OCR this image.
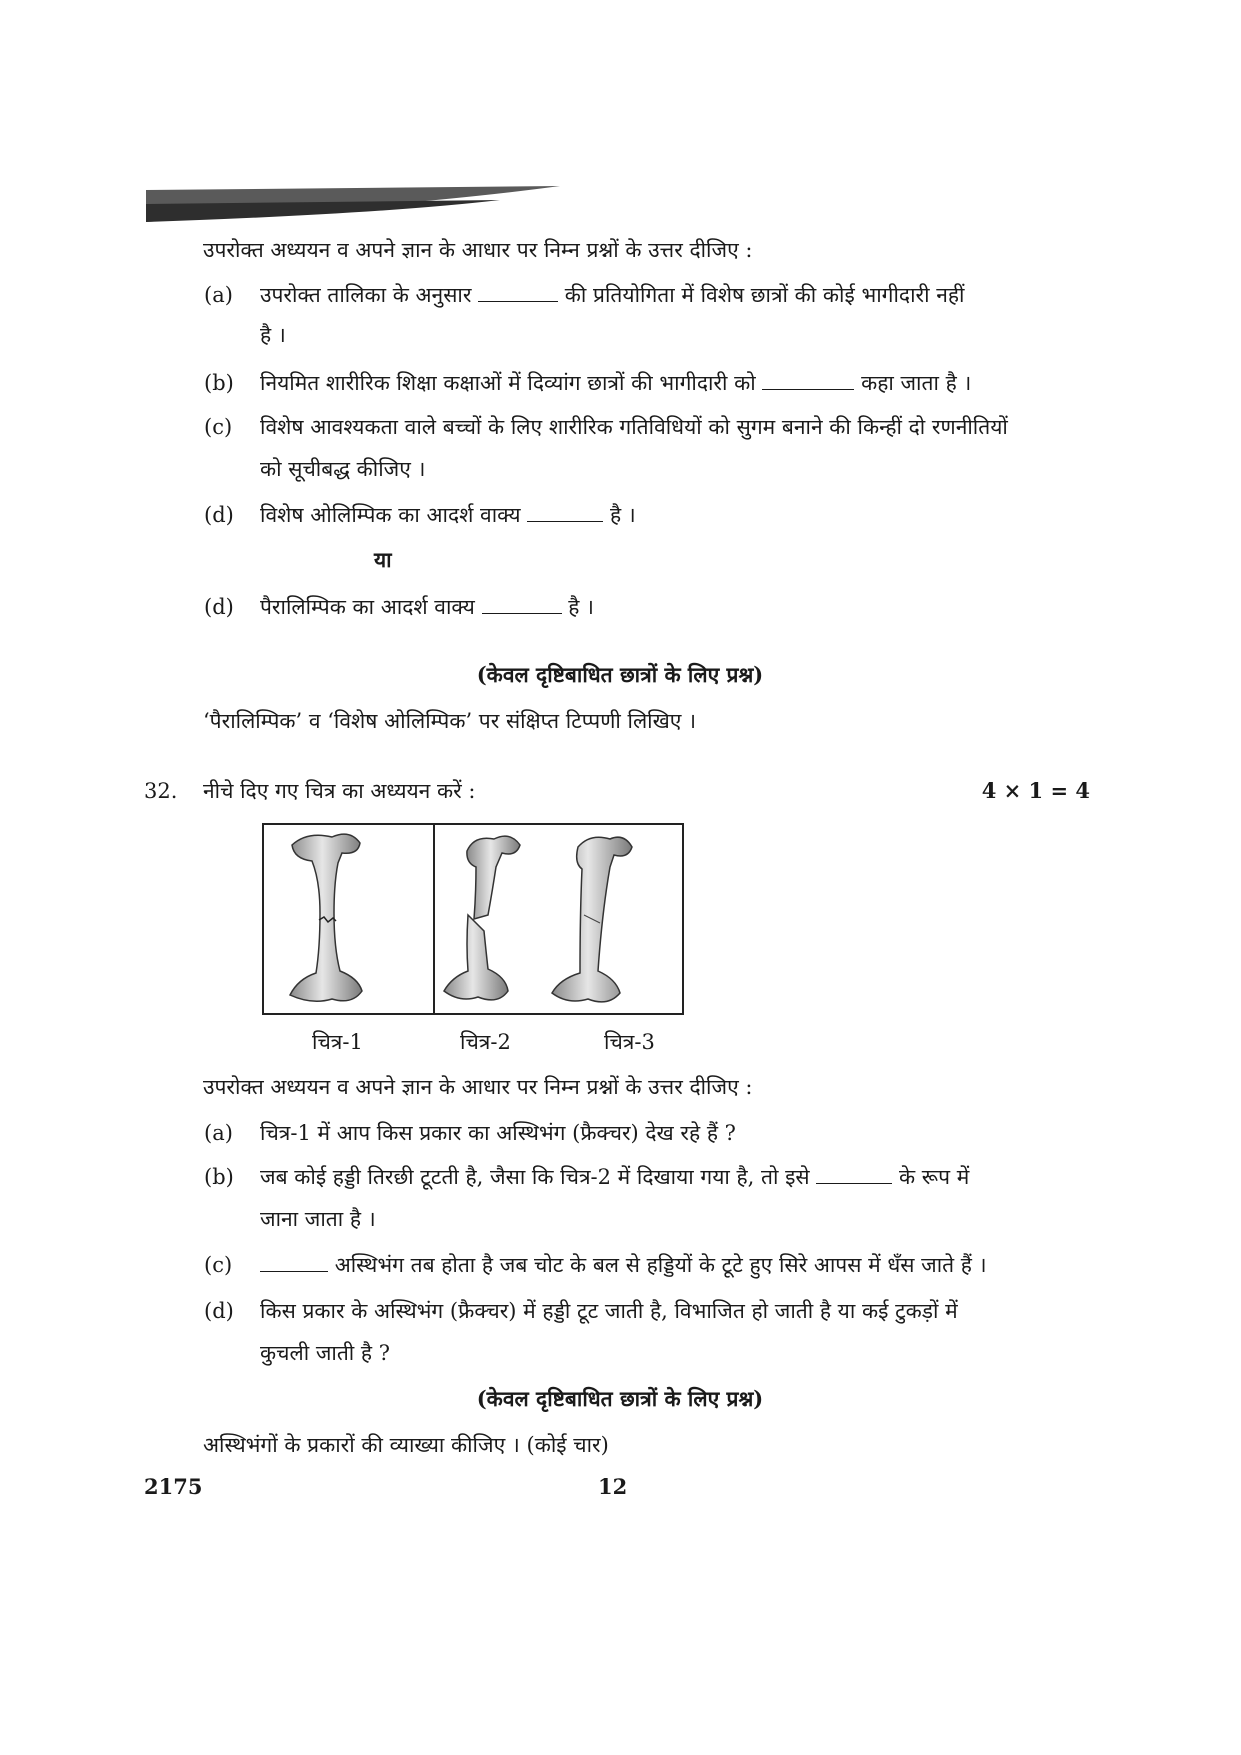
उपरोक्त अध्ययन व अपने ज्ञान के आधार पर निम्न प्रश्नों के उत्तर दीजिए :
(a)	उपरोक्त तालिका के अनुसार	की प्रतियोगिता में विशेष छात्रों की कोई भागीदारी नहीं
है ।
(b)	नियमित शारीरिक शिक्षा कक्षाओं में दिव्यांग छात्रों की भागीदारी को	कहा जाता है ।
(c)	विशेष आवश्यकता वाले बच्चों के लिए शारीरिक गतिविधियों को सुगम बनाने की किन्हीं दो रणनीतियों
को सूचीबद्ध कीजिए ।
(d)	विशेष ओलिम्पिक का आदर्श वाक्य	है ।
या
(d)	पैरालिम्पिक का आदर्श वाक्य	है ।
(केवल दृष्टिबाधित छात्रों के लिए प्रश्न)
‘पैरालिम्पिक’ व ‘विशेष ओलिम्पिक’ पर संक्षिप्त टिप्पणी लिखिए ।
32. नीचे दिए गए चित्र का अध्ययन करें :	4 × 1 = 4
चित्र-1	चित्र-2	चित्र-3
उपरोक्त अध्ययन व अपने ज्ञान के आधार पर निम्न प्रश्नों के उत्तर दीजिए :
(a)	चित्र-1 में आप किस प्रकार का अस्थिभंग (फ्रैक्चर) देख रहे हैं ?
(b)	जब कोई हड्डी तिरछी टूटती है, जैसा कि चित्र-2 में दिखाया गया है, तो इसे	के रूप में
जाना जाता है ।
(c)	अस्थिभंग तब होता है जब चोट के बल से हड्डियों के टूटे हुए सिरे आपस में धँस जाते हैं ।
(d)	किस प्रकार के अस्थिभंग (फ्रैक्चर) में हड्डी टूट जाती है, विभाजित हो जाती है या कई टुकड़ों में
कुचली जाती है ?
(केवल दृष्टिबाधित छात्रों के लिए प्रश्न)
अस्थिभंगों के प्रकारों की व्याख्या कीजिए । (कोई चार)
2175	12
